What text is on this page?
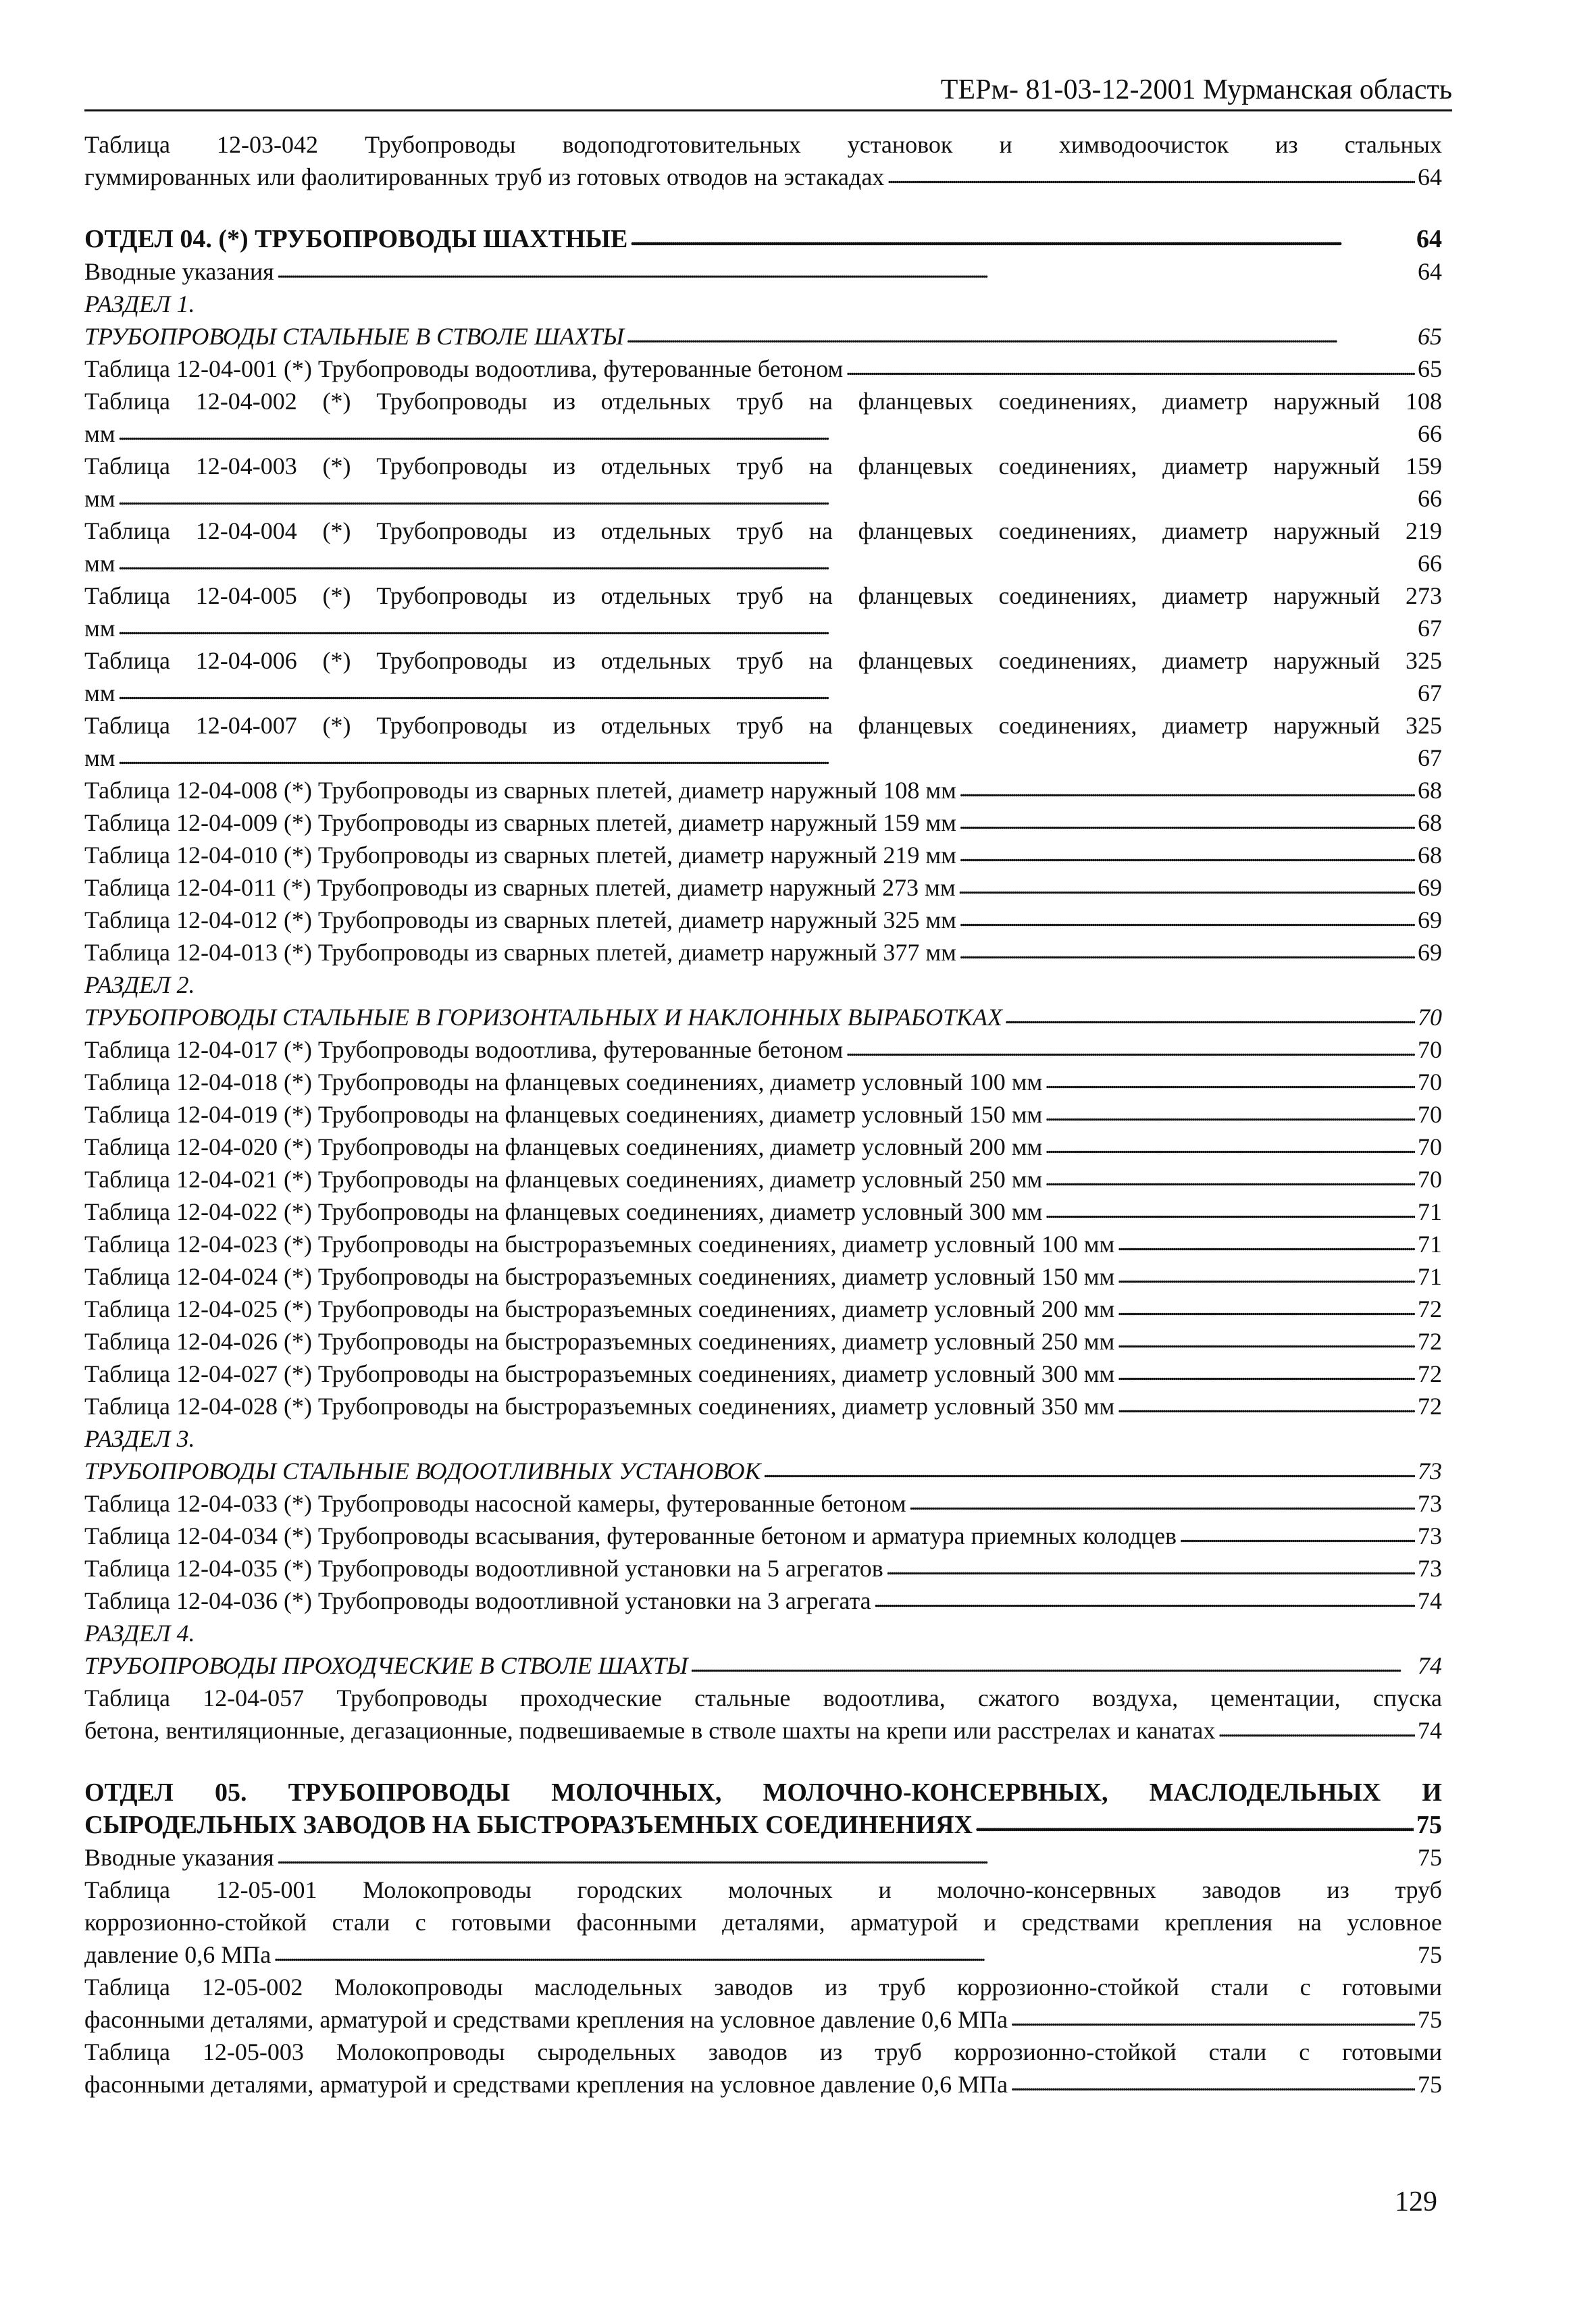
ТЕРм- 81-03-12-2001 Мурманская область
Таблица 12-03-042 Трубопроводы водоподготовительных установок и химводоочисток из стальных
гуммированных или фаолитированных труб из готовых отводов на эстакадах . . .	64
ОТДЕЛ 04. (*) ТРУБОПРОВОДЫ ШАХТНЫЕ . . .	64
Вводные указания . . .	64
РАЗДЕЛ 1.
ТРУБОПРОВОДЫ СТАЛЬНЫЕ В СТВОЛЕ ШАХТЫ . . .	65
Таблица 12-04-001 (*) Трубопроводы водоотлива, футерованные бетоном . . .	65
Таблица 12-04-002 (*) Трубопроводы из отдельных труб на фланцевых соединениях, диаметр наружный 108
мм . . .	66
Таблица 12-04-003 (*) Трубопроводы из отдельных труб на фланцевых соединениях, диаметр наружный 159
мм . . .	66
Таблица 12-04-004 (*) Трубопроводы из отдельных труб на фланцевых соединениях, диаметр наружный 219
мм . . .	66
Таблица 12-04-005 (*) Трубопроводы из отдельных труб на фланцевых соединениях, диаметр наружный 273
мм . . .	67
Таблица 12-04-006 (*) Трубопроводы из отдельных труб на фланцевых соединениях, диаметр наружный 325
мм . . .	67
Таблица 12-04-007 (*) Трубопроводы из отдельных труб на фланцевых соединениях, диаметр наружный 325
мм . . .	67
Таблица 12-04-008 (*) Трубопроводы из сварных плетей, диаметр наружный 108 мм . . .	68
Таблица 12-04-009 (*) Трубопроводы из сварных плетей, диаметр наружный 159 мм . . .	68
Таблица 12-04-010 (*) Трубопроводы из сварных плетей, диаметр наружный 219 мм . . .	68
Таблица 12-04-011 (*) Трубопроводы из сварных плетей, диаметр наружный 273 мм . . .	69
Таблица 12-04-012 (*) Трубопроводы из сварных плетей, диаметр наружный 325 мм . . .	69
Таблица 12-04-013 (*) Трубопроводы из сварных плетей, диаметр наружный 377 мм . . .	69
РАЗДЕЛ 2.
ТРУБОПРОВОДЫ СТАЛЬНЫЕ В ГОРИЗОНТАЛЬНЫХ И НАКЛОННЫХ ВЫРАБОТКАХ . . .	70
Таблица 12-04-017 (*) Трубопроводы водоотлива, футерованные бетоном . . .	70
Таблица 12-04-018 (*) Трубопроводы на фланцевых соединениях, диаметр условный 100 мм . . .	70
Таблица 12-04-019 (*) Трубопроводы на фланцевых соединениях, диаметр условный 150 мм . . .	70
Таблица 12-04-020 (*) Трубопроводы на фланцевых соединениях, диаметр условный 200 мм . . .	70
Таблица 12-04-021 (*) Трубопроводы на фланцевых соединениях, диаметр условный 250 мм . . .	70
Таблица 12-04-022 (*) Трубопроводы на фланцевых соединениях, диаметр условный 300 мм . . .	71
Таблица 12-04-023 (*) Трубопроводы на быстроразъемных соединениях, диаметр условный 100 мм . . .	71
Таблица 12-04-024 (*) Трубопроводы на быстроразъемных соединениях, диаметр условный 150 мм . . .	71
Таблица 12-04-025 (*) Трубопроводы на быстроразъемных соединениях, диаметр условный 200 мм . . .	72
Таблица 12-04-026 (*) Трубопроводы на быстроразъемных соединениях, диаметр условный 250 мм . . .	72
Таблица 12-04-027 (*) Трубопроводы на быстроразъемных соединениях, диаметр условный 300 мм . . .	72
Таблица 12-04-028 (*) Трубопроводы на быстроразъемных соединениях, диаметр условный 350 мм . . .	72
РАЗДЕЛ 3.
ТРУБОПРОВОДЫ СТАЛЬНЫЕ ВОДООТЛИВНЫХ УСТАНОВОК . . .	73
Таблица 12-04-033 (*) Трубопроводы насосной камеры, футерованные бетоном . . .	73
Таблица 12-04-034 (*) Трубопроводы всасывания, футерованные бетоном и арматура приемных колодцев . . .	73
Таблица 12-04-035 (*) Трубопроводы водоотливной установки на 5 агрегатов . . .	73
Таблица 12-04-036 (*) Трубопроводы водоотливной установки на 3 агрегата . . .	74
РАЗДЕЛ 4.
ТРУБОПРОВОДЫ ПРОХОДЧЕСКИЕ В СТВОЛЕ ШАХТЫ . . .	74
Таблица 12-04-057 Трубопроводы проходческие стальные водоотлива, сжатого воздуха, цементации, спуска
бетона, вентиляционные, дегазационные, подвешиваемые в стволе шахты на крепи или расстрелах и канатах . . .	74
ОТДЕЛ 05. ТРУБОПРОВОДЫ МОЛОЧНЫХ, МОЛОЧНО-КОНСЕРВНЫХ, МАСЛОДЕЛЬНЫХ И
СЫРОДЕЛЬНЫХ ЗАВОДОВ НА БЫСТРОРАЗЪЕМНЫХ СОЕДИНЕНИЯХ . . .	75
Вводные указания . . .	75
Таблица 12-05-001 Молокопроводы городских молочных и молочно-консервных заводов из труб
коррозионно-стойкой стали с готовыми фасонными деталями, арматурой и средствами крепления на условное
давление 0,6 МПа . . .	75
Таблица 12-05-002 Молокопроводы маслодельных заводов из труб коррозионно-стойкой стали с готовыми
фасонными деталями, арматурой и средствами крепления на условное давление 0,6 МПа . . .	75
Таблица 12-05-003 Молокопроводы сыродельных заводов из труб коррозионно-стойкой стали с готовыми
фасонными деталями, арматурой и средствами крепления на условное давление 0,6 МПа . . .	75
129
